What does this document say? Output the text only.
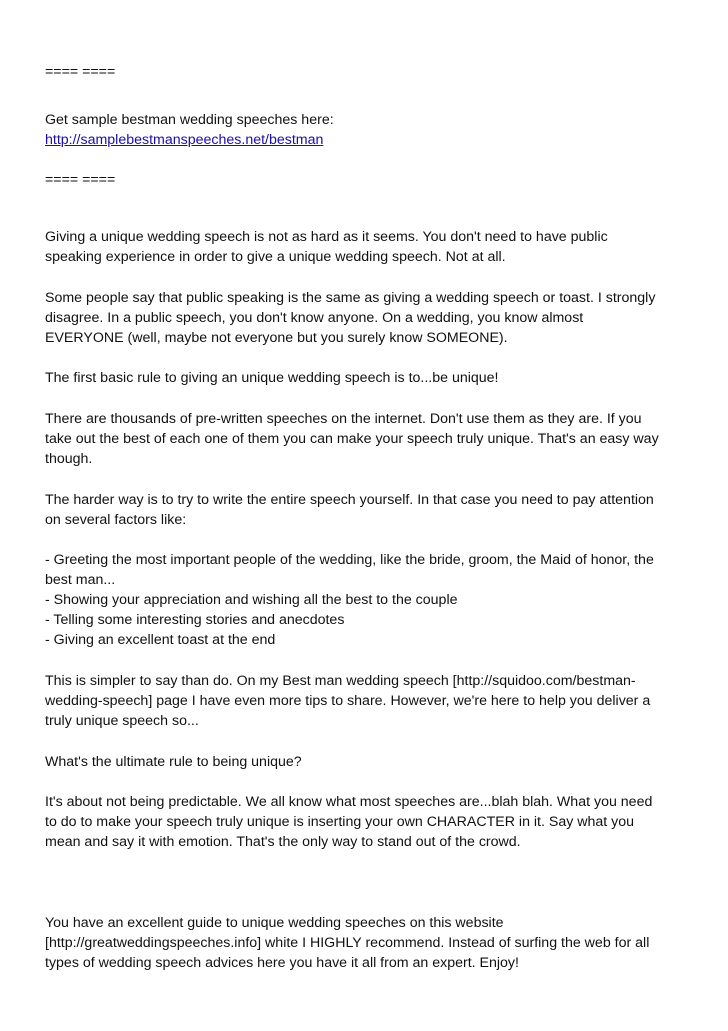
==== ====
Get sample bestman wedding speeches here:
http://samplebestmanspeeches.net/bestman
==== ====
Giving a unique wedding speech is not as hard as it seems. You don't need to have public
speaking experience in order to give a unique wedding speech. Not at all.
Some people say that public speaking is the same as giving a wedding speech or toast. I strongly
disagree. In a public speech, you don't know anyone. On a wedding, you know almost
EVERYONE (well, maybe not everyone but you surely know SOMEONE).
The first basic rule to giving an unique wedding speech is to...be unique!
There are thousands of pre-written speeches on the internet. Don't use them as they are. If you
take out the best of each one of them you can make your speech truly unique. That's an easy way
though.
The harder way is to try to write the entire speech yourself. In that case you need to pay attention
on several factors like:
- Greeting the most important people of the wedding, like the bride, groom, the Maid of honor, the
best man...
- Showing your appreciation and wishing all the best to the couple
- Telling some interesting stories and anecdotes
- Giving an excellent toast at the end
This is simpler to say than do. On my Best man wedding speech [http://squidoo.com/bestman-
wedding-speech] page I have even more tips to share. However, we're here to help you deliver a
truly unique speech so...
What's the ultimate rule to being unique?
It's about not being predictable. We all know what most speeches are...blah blah. What you need
to do to make your speech truly unique is inserting your own CHARACTER in it. Say what you
mean and say it with emotion. That's the only way to stand out of the crowd.
You have an excellent guide to unique wedding speeches on this website
[http://greatweddingspeeches.info] white I HIGHLY recommend. Instead of surfing the web for all
types of wedding speech advices here you have it all from an expert. Enjoy!
